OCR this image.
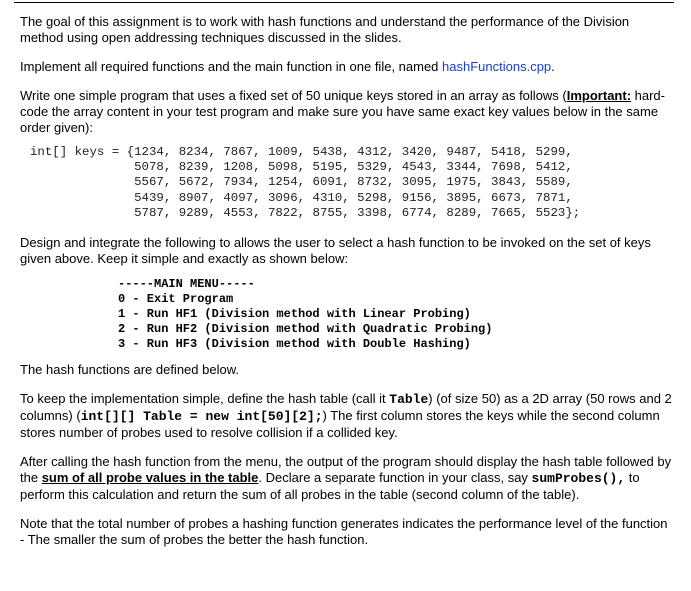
The goal of this assignment is to work with hash functions and understand the performance of the Division method using open addressing techniques discussed in the slides.

Implement all required functions and the main function in one file, named hashFunctions.cpp.

Write one simple program that uses a fixed set of 50 unique keys stored in an array as follows (Important: hard-code the array content in your test program and make sure you have same exact key values below in the same order given):

int[] keys = {1234, 8234, 7867, 1009, 5438, 4312, 3420, 9487, 5418, 5299,
5078, 8239, 1208, 5098, 5195, 5329, 4543, 3344, 7698, 5412,
5567, 5672, 7934, 1254, 6091, 8732, 3095, 1975, 3843, 5589,
5439, 8907, 4097, 3096, 4310, 5298, 9156, 3895, 6673, 7871,
5787, 9289, 4553, 7822, 8755, 3398, 6774, 8289, 7665, 5523};

Design and integrate the following to allows the user to select a hash function to be invoked on the set of keys given above. Keep it simple and exactly as shown below:

-----MAIN MENU-----
0 - Exit Program
1 - Run HF1 (Division method with Linear Probing)
2 - Run HF2 (Division method with Quadratic Probing)
3 - Run HF3 (Division method with Double Hashing)

The hash functions are defined below.

To keep the implementation simple, define the hash table (call it Table) (of size 50) as a 2D array (50 rows and 2 columns) (int[][] Table = new int[50][2];) The first column stores the keys while the second column stores number of probes used to resolve collision if a collided key.

After calling the hash function from the menu, the output of the program should display the hash table followed by the sum of all probe values in the table. Declare a separate function in your class, say sumProbes(), to perform this calculation and return the sum of all probes in the table (second column of the table).

Note that the total number of probes a hashing function generates indicates the performance level of the function - The smaller the sum of probes the better the hash function.
